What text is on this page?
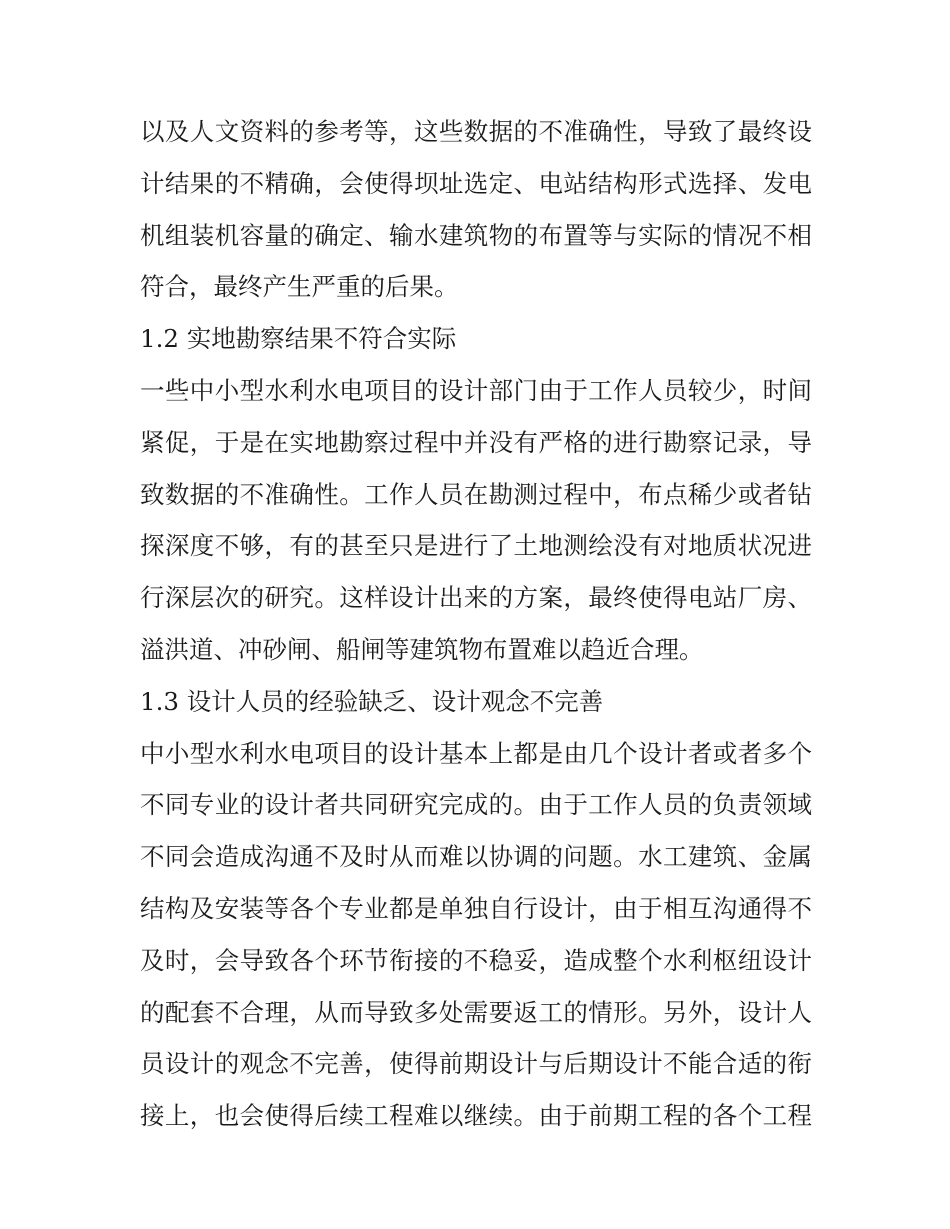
以及人文资料的参考等，这些数据的不准确性，导致了最终设
计结果的不精确，会使得坝址选定、电站结构形式选择、发电
机组装机容量的确定、输水建筑物的布置等与实际的情况不相
符合，最终产生严重的后果。
1.2 实地勘察结果不符合实际
一些中小型水利水电项目的设计部门由于工作人员较少，时间
紧促，于是在实地勘察过程中并没有严格的进行勘察记录，导
致数据的不准确性。工作人员在勘测过程中，布点稀少或者钻
探深度不够，有的甚至只是进行了土地测绘没有对地质状况进
行深层次的研究。这样设计出来的方案，最终使得电站厂房、
溢洪道、冲砂闸、船闸等建筑物布置难以趋近合理。
1.3 设计人员的经验缺乏、设计观念不完善
中小型水利水电项目的设计基本上都是由几个设计者或者多个
不同专业的设计者共同研究完成的。由于工作人员的负责领域
不同会造成沟通不及时从而难以协调的问题。水工建筑、金属
结构及安装等各个专业都是单独自行设计，由于相互沟通得不
及时，会导致各个环节衔接的不稳妥，造成整个水利枢纽设计
的配套不合理，从而导致多处需要返工的情形。另外，设计人
员设计的观念不完善，使得前期设计与后期设计不能合适的衔
接上，也会使得后续工程难以继续。由于前期工程的各个工程
